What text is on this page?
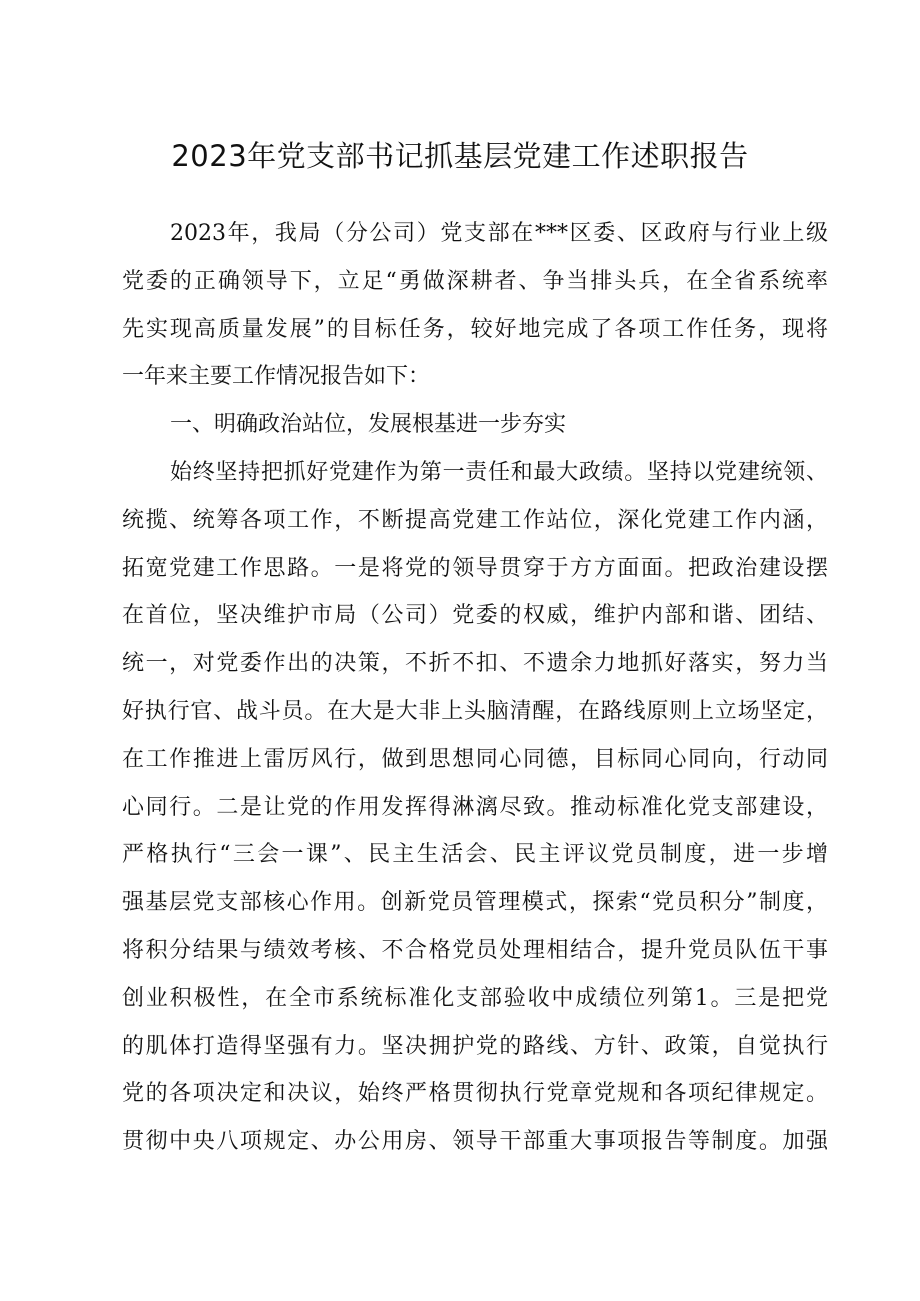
2023年党支部书记抓基层党建工作述职报告
2023年，我局（分公司）党支部在***区委、区政府与行业上级
党委的正确领导下，立足“勇做深耕者、争当排头兵，在全省系统率
先实现高质量发展”的目标任务，较好地完成了各项工作任务，现将
一年来主要工作情况报告如下：
一、明确政治站位，发展根基进一步夯实
始终坚持把抓好党建作为第一责任和最大政绩。坚持以党建统领、
统揽、统筹各项工作，不断提高党建工作站位，深化党建工作内涵，
拓宽党建工作思路。一是将党的领导贯穿于方方面面。把政治建设摆
在首位，坚决维护市局（公司）党委的权威，维护内部和谐、团结、
统一，对党委作出的决策，不折不扣、不遗余力地抓好落实，努力当
好执行官、战斗员。在大是大非上头脑清醒，在路线原则上立场坚定，
在工作推进上雷厉风行，做到思想同心同德，目标同心同向，行动同
心同行。二是让党的作用发挥得淋漓尽致。推动标准化党支部建设，
严格执行“三会一课”、民主生活会、民主评议党员制度，进一步增
强基层党支部核心作用。创新党员管理模式，探索“党员积分”制度，
将积分结果与绩效考核、不合格党员处理相结合，提升党员队伍干事
创业积极性，在全市系统标准化支部验收中成绩位列第1。三是把党
的肌体打造得坚强有力。坚决拥护党的路线、方针、政策，自觉执行
党的各项决定和决议，始终严格贯彻执行党章党规和各项纪律规定。
贯彻中央八项规定、办公用房、领导干部重大事项报告等制度。加强
